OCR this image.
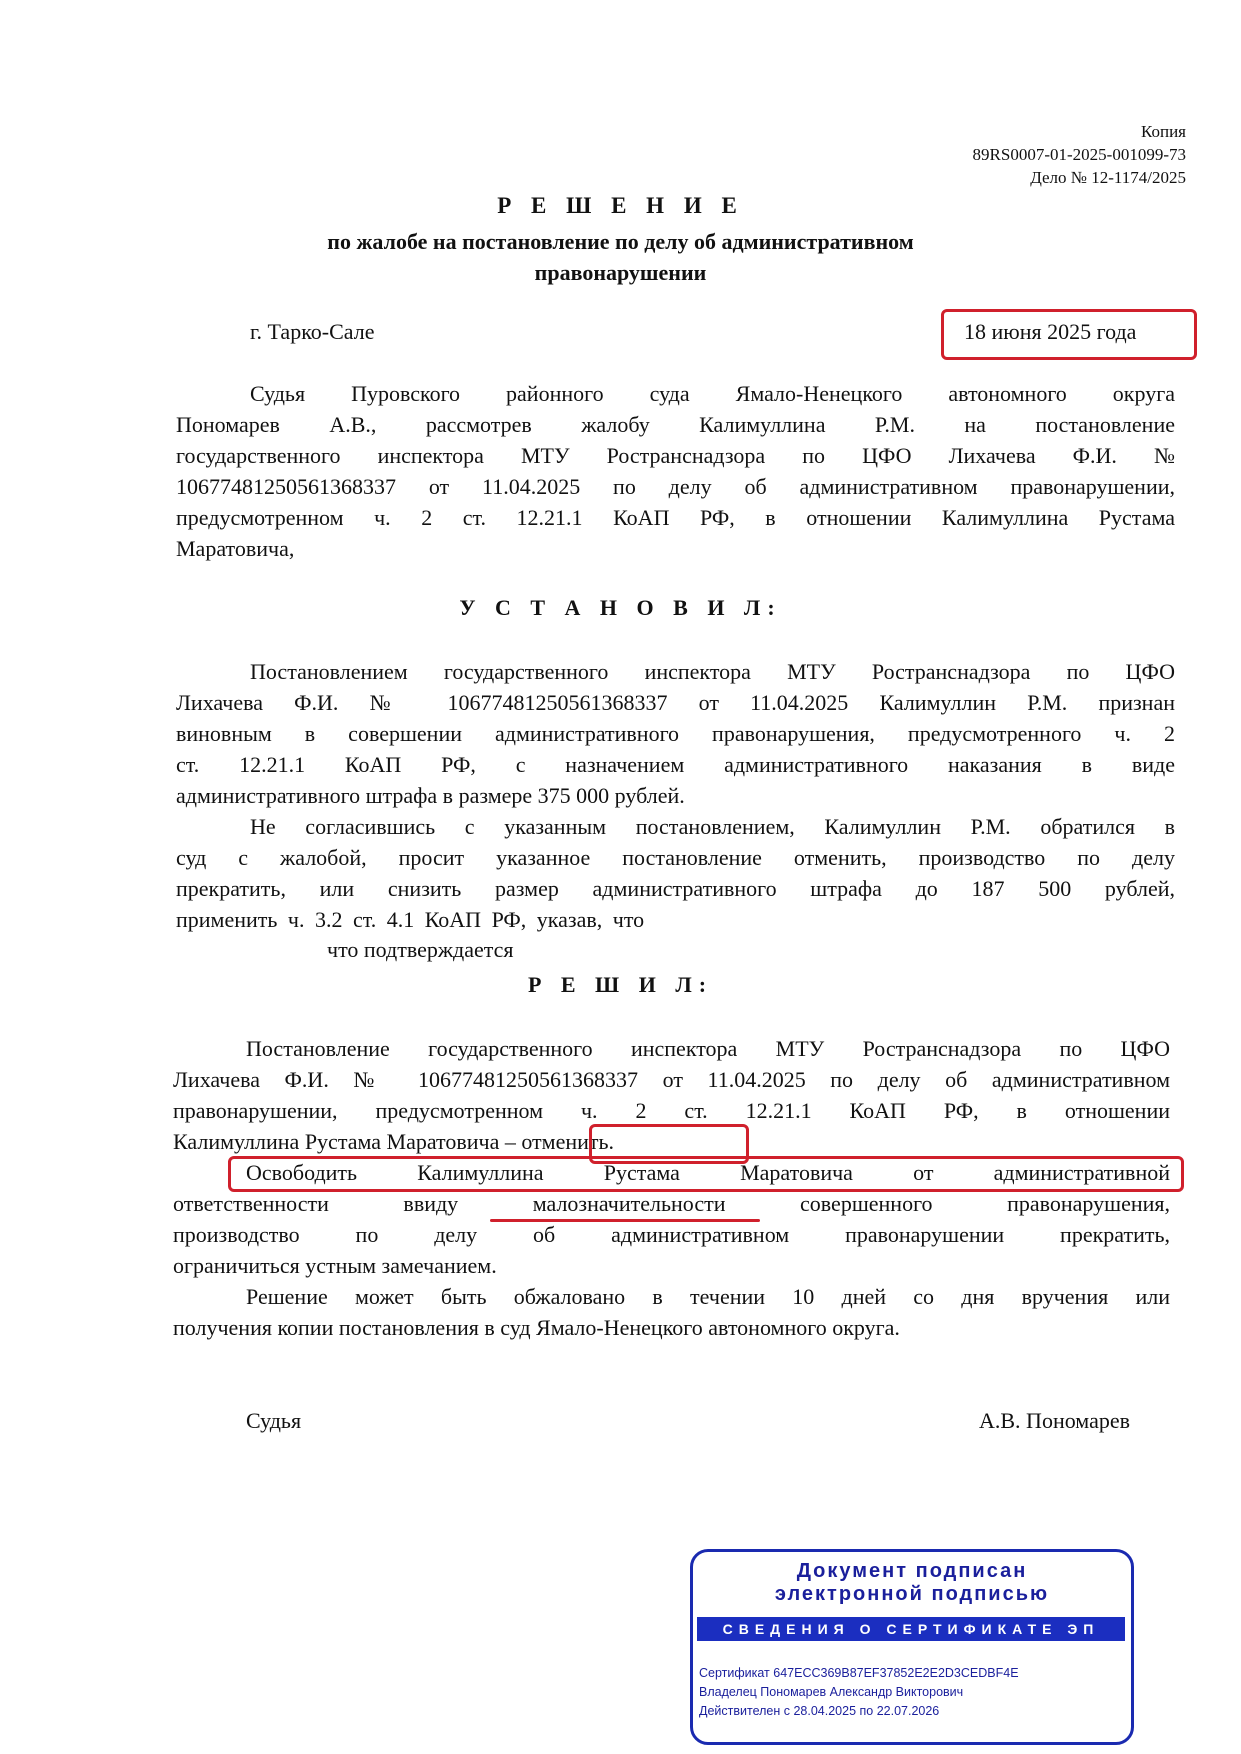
Копия
89RS0007-01-2025-001099-73
Дело № 12-1174/2025
Р Е Ш Е Н И Е
по жалобе на постановление по делу об административном
правонарушении
г. Тарко-Сале	18 июня 2025 года
Судья Пуровского районного суда Ямало-Ненецкого автономного округа
Пономарев А.В., рассмотрев жалобу Калимуллина Р.М. на постановление
государственного инспектора МТУ Ространснадзора по ЦФО Лихачева Ф.И. №
10677481250561368337 от 11.04.2025 по делу об административном правонарушении,
предусмотренном ч. 2 ст. 12.21.1 КоАП РФ, в отношении Калимуллина Рустама
Маратовича,
У С Т А Н О В И Л:
Постановлением государственного инспектора МТУ Ространснадзора по ЦФО
Лихачева Ф.И. № 10677481250561368337 от 11.04.2025 Калимуллин Р.М. признан
виновным в совершении административного правонарушения, предусмотренного ч. 2
ст. 12.21.1 КоАП РФ, с назначением административного наказания в виде
административного штрафа в размере 375 000 рублей.
Не согласившись с указанным постановлением, Калимуллин Р.М. обратился в
суд с жалобой, просит указанное постановление отменить, производство по делу
прекратить, или снизить размер административного штрафа до 187 500 рублей,
применить ч. 3.2 ст. 4.1 КоАП РФ, указав, что
что подтверждается
Р Е Ш И Л:
Постановление государственного инспектора МТУ Ространснадзора по ЦФО
Лихачева Ф.И. № 10677481250561368337 от 11.04.2025 по делу об административном
правонарушении, предусмотренном ч. 2 ст. 12.21.1 КоАП РФ, в отношении
Калимуллина Рустама Маратовича – отменить.
Освободить Калимуллина Рустама Маратовича от административной
ответственности ввиду малозначительности совершенного правонарушения,
производство по делу об административном правонарушении прекратить,
ограничиться устным замечанием.
Решение может быть обжаловано в течении 10 дней со дня вручения или
получения копии постановления в суд Ямало-Ненецкого автономного округа.
Судья	А.В. Пономарев
Документ подписан
электронной подписью
СВЕДЕНИЯ О СЕРТИФИКАТЕ ЭП
Сертификат 647ECC369B87EF37852E2E2D3CEDBF4E
Владелец Пономарев Александр Викторович
Действителен с 28.04.2025 по 22.07.2026
